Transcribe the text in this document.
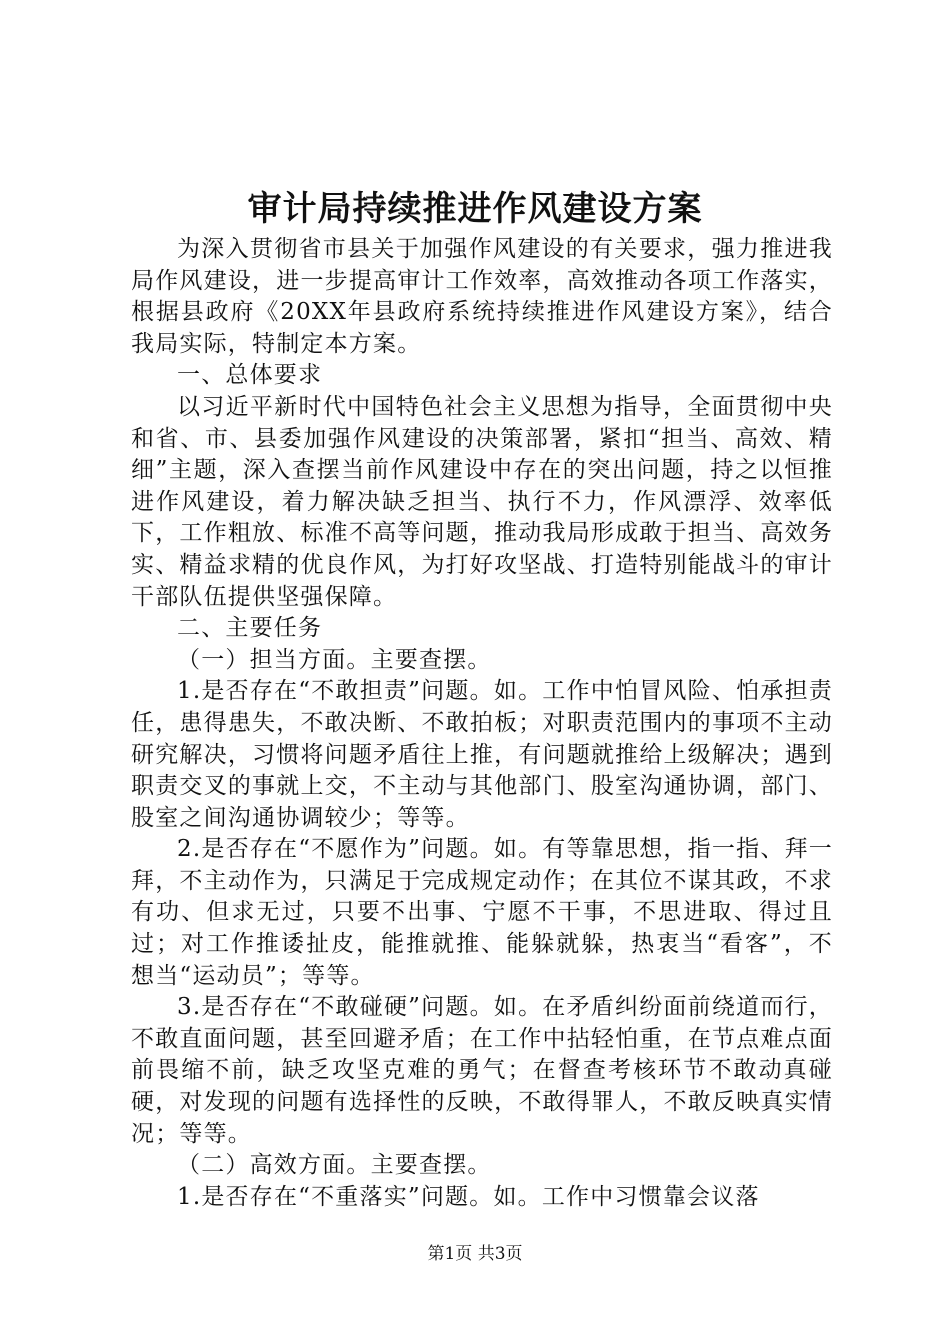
审计局持续推进作风建设方案

为深入贯彻省市县关于加强作风建设的有关要求，强力推进我局作风建设，进一步提高审计工作效率，高效推动各项工作落实，根据县政府《20XX年县政府系统持续推进作风建设方案》，结合我局实际，特制定本方案。

一、总体要求

以习近平新时代中国特色社会主义思想为指导，全面贯彻中央和省、市、县委加强作风建设的决策部署，紧扣“担当、高效、精细”主题，深入查摆当前作风建设中存在的突出问题，持之以恒推进作风建设，着力解决缺乏担当、执行不力，作风漂浮、效率低下，工作粗放、标准不高等问题，推动我局形成敢于担当、高效务实、精益求精的优良作风，为打好攻坚战、打造特别能战斗的审计干部队伍提供坚强保障。

二、主要任务

（一）担当方面。主要查摆。

1.是否存在“不敢担责”问题。如。工作中怕冒风险、怕承担责任，患得患失，不敢决断、不敢拍板；对职责范围内的事项不主动研究解决，习惯将问题矛盾往上推，有问题就推给上级解决；遇到职责交叉的事就上交，不主动与其他部门、股室沟通协调，部门、股室之间沟通协调较少；等等。

2.是否存在“不愿作为”问题。如。有等靠思想，指一指、拜一拜，不主动作为，只满足于完成规定动作；在其位不谋其政，不求有功、但求无过，只要不出事、宁愿不干事，不思进取、得过且过；对工作推诿扯皮，能推就推、能躲就躲，热衷当“看客”，不想当“运动员”；等等。

3.是否存在“不敢碰硬”问题。如。在矛盾纠纷面前绕道而行，不敢直面问题，甚至回避矛盾；在工作中拈轻怕重，在节点难点面前畏缩不前，缺乏攻坚克难的勇气；在督查考核环节不敢动真碰硬，对发现的问题有选择性的反映，不敢得罪人，不敢反映真实情况；等等。

（二）高效方面。主要查摆。

1.是否存在“不重落实”问题。如。工作中习惯靠会议落

第1页 共3页
